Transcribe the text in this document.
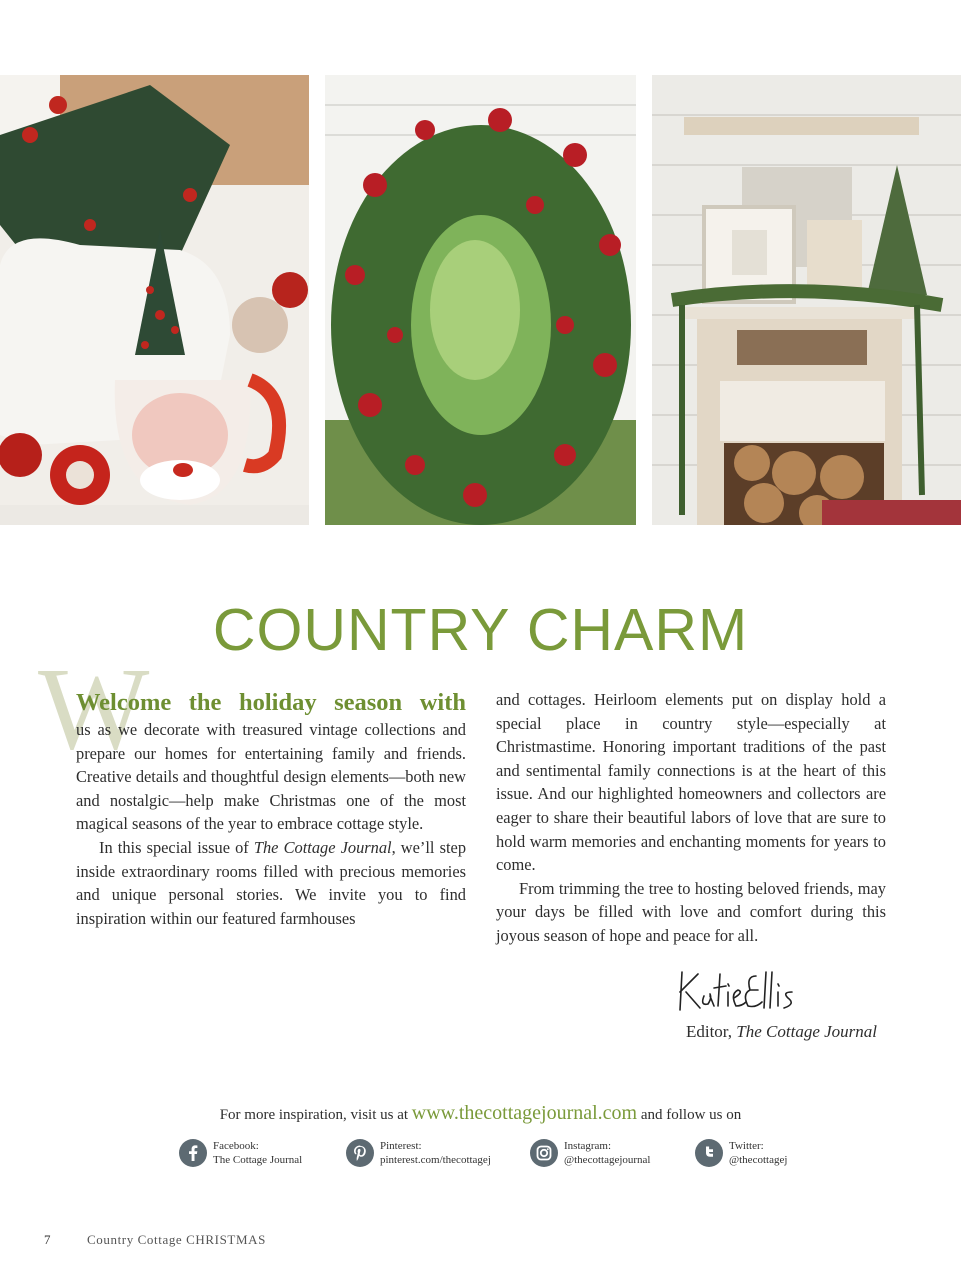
COUNTRY CHARM
W

Welcome the holiday season with
us as we decorate with treasured vintage collections and prepare our homes for entertaining family and friends. Creative details and thoughtful design elements—both new and nostalgic—help make Christmas one of the most magical seasons of the year to embrace cottage style.

In this special issue of The Cottage Journal, we’ll step inside extraordinary rooms filled with precious memories and unique personal stories. We invite you to find inspiration within our featured farmhouses

and cottages. Heirloom elements put on display hold a special place in country style—especially at Christmastime. Honoring important traditions of the past and sentimental family connections is at the heart of this issue. And our highlighted homeowners and collectors are eager to share their beautiful labors of love that are sure to hold warm memories and enchanting moments for years to come.

From trimming the tree to hosting beloved friends, may your days be filled with love and comfort during this joyous season of hope and peace for all.

Editor, The Cottage Journal
For more inspiration, visit us at www.thecottagejournal.com and follow us on
Facebook:
The Cottage Journal
Pinterest:
pinterest.com/thecottagej
Instagram:
@thecottagejournal
Twitter:
@thecottagej
7	Country Cottage CHRISTMAS
